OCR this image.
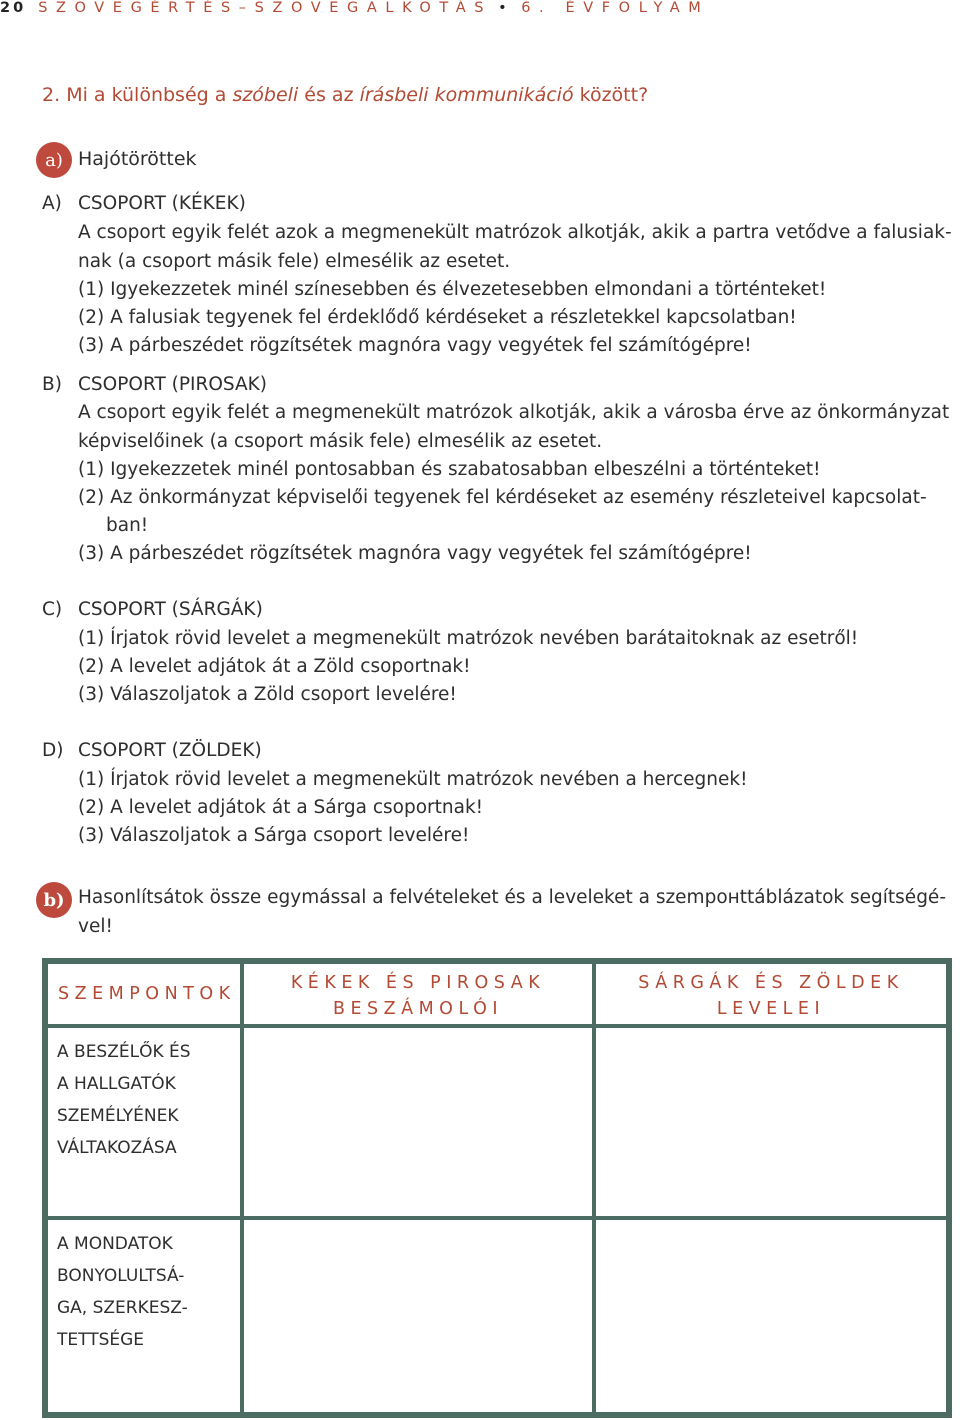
20 SZÖVEGÉRTÉS–SZÖVEGALKOTÁS • 6. ÉVFOLYAM
2. Mi a különbség a szóbeli és az írásbeli kommunikáció között?
a) Hajótöröttek
A) CSOPORT (KÉKEK)
A csoport egyik felét azok a megmenekült matrózok alkotják, akik a partra vetődve a falusiak-
nak (a csoport másik fele) elmesélik az esetet.
(1) Igyekezzetek minél színesebben és élvezetesebben elmondani a történteket!
(2) A falusiak tegyenek fel érdeklődő kérdéseket a részletekkel kapcsolatban!
(3) A párbeszédet rögzítsétek magnóra vagy vegyétek fel számítógépre!
B) CSOPORT (PIROSAK)
A csoport egyik felét a megmenekült matrózok alkotják, akik a városba érve az önkormányzat
képviselőinek (a csoport másik fele) elmesélik az esetet.
(1) Igyekezzetek minél pontosabban és szabatosabban elbeszélni a történteket!
(2) Az önkormányzat képviselői tegyenek fel kérdéseket az esemény részleteivel kapcsolat-
ban!
(3) A párbeszédet rögzítsétek magnóra vagy vegyétek fel számítógépre!
C) CSOPORT (SÁRGÁK)
(1) Írjatok rövid levelet a megmenekült matrózok nevében barátaitoknak az esetről!
(2) A levelet adjátok át a Zöld csoportnak!
(3) Válaszoljatok a Zöld csoport levelére!
D) CSOPORT (ZÖLDEK)
(1) Írjatok rövid levelet a megmenekült matrózok nevében a hercegnek!
(2) A levelet adjátok át a Sárga csoportnak!
(3) Válaszoljatok a Sárga csoport levelére!
b) Hasonlítsátok össze egymással a felvételeket és a leveleket a szempонttáblázatok segítségé-
vel!
SZEMPONTOK
KÉKEK ÉS PIROSAK
BESZÁMOLÓI
SÁRGÁK ÉS ZÖLDEK
LEVELEI
A BESZÉLŐK ÉS
A HALLGATÓK
SZEMÉLYÉNEK
VÁLTAKOZÁSA
A MONDATOK
BONYOLULTSÁ-
GA, SZERKESZ-
TETTSÉGE
